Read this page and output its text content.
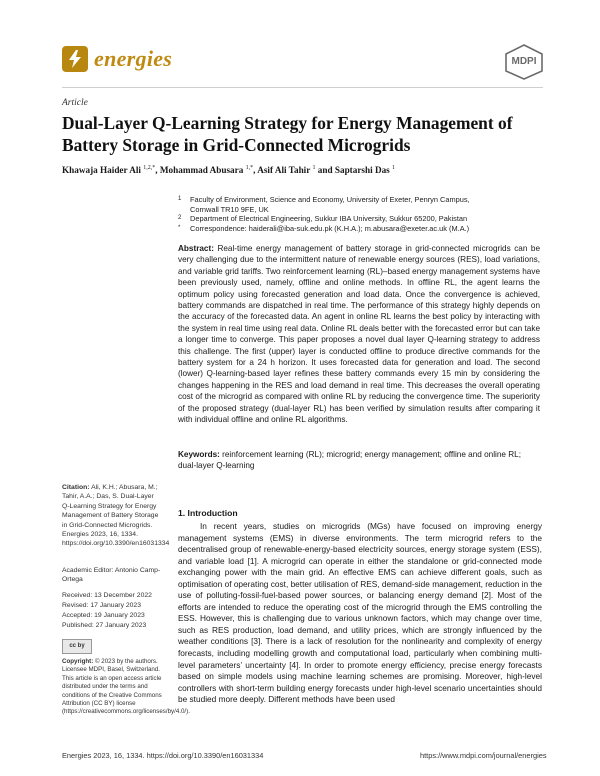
energies	MDPI
Article
Dual-Layer Q-Learning Strategy for Energy Management of Battery Storage in Grid-Connected Microgrids
Khawaja Haider Ali $^{1,2,*}$, Mohammad Abusara $^{1,*}$, Asif Ali Tahir $^1$ and Saptarshi Das $^1$
1 Faculty of Environment, Science and Economy, University of Exeter, Penryn Campus, Cornwall TR10 9FE, UK
2 Department of Electrical Engineering, Sukkur IBA University, Sukkur 65200, Pakistan
* Correspondence: haiderali@iba-suk.edu.pk (K.H.A.); m.abusara@exeter.ac.uk (M.A.)
Abstract: Real-time energy management of battery storage in grid-connected microgrids can be very challenging due to the intermittent nature of renewable energy sources (RES), load variations, and variable grid tariffs. Two reinforcement learning (RL)–based energy management systems have been previously used, namely, offline and online methods. In offline RL, the agent learns the optimum policy using forecasted generation and load data. Once the convergence is achieved, battery commands are dispatched in real time. The performance of this strategy highly depends on the accuracy of the forecasted data. An agent in online RL learns the best policy by interacting with the system in real time using real data. Online RL deals better with the forecasted error but can take a longer time to converge. This paper proposes a novel dual layer Q-learning strategy to address this challenge. The first (upper) layer is conducted offline to produce directive commands for the battery system for a 24 h horizon. It uses forecasted data for generation and load. The second (lower) Q-learning-based layer refines these battery commands every 15 min by considering the changes happening in the RES and load demand in real time. This decreases the overall operating cost of the microgrid as compared with online RL by reducing the convergence time. The superiority of the proposed strategy (dual-layer RL) has been verified by simulation results after comparing it with individual offline and online RL algorithms.
Keywords: reinforcement learning (RL); microgrid; energy management; offline and online RL; dual-layer Q-learning
Citation: Ali, K.H.; Abusara, M.; Tahir, A.A.; Das, S. Dual-Layer Q-Learning Strategy for Energy Management of Battery Storage in Grid-Connected Microgrids. Energies 2023, 16, 1334. https://doi.org/10.3390/en16031334
Academic Editor: Antonio Camp-Ortega
Received: 13 December 2022
Revised: 17 January 2023
Accepted: 19 January 2023
Published: 27 January 2023
cc by
Copyright: © 2023 by the authors. Licensee MDPI, Basel, Switzerland. This article is an open access article distributed under the terms and conditions of the Creative Commons Attribution (CC BY) license (https://creativecommons.org/licenses/by/4.0/).
1. Introduction
In recent years, studies on microgrids (MGs) have focused on improving energy management systems (EMS) in diverse environments. The term microgrid refers to the decentralised group of renewable-energy-based electricity sources, energy storage system (ESS), and variable load [1]. A microgrid can operate in either the standalone or grid-connected mode exchanging power with the main grid. An effective EMS can achieve different goals, such as optimisation of operating cost, better utilisation of RES, demand-side management, reduction in the use of polluting-fossil-fuel-based power sources, or balancing energy demand [2]. Most of the efforts are intended to reduce the operating cost of the microgrid through the EMS controlling the ESS. However, this is challenging due to various unknown factors, which may change over time, such as RES production, load demand, and utility prices, which are strongly influenced by the weather conditions [3]. There is a lack of resolution for the nonlinearity and complexity of energy forecasts, including modelling growth and computational load, particularly when combining multi-level parameters’ uncertainty [4]. In order to promote energy efficiency, precise energy forecasts based on simple models using machine learning schemes are promising. Moreover, high-level controllers with short-term building energy forecasts under high-level scenario uncertainties should be studied more deeply. Different methods have been used
Energies 2023, 16, 1334. https://doi.org/10.3390/en16031334	https://www.mdpi.com/journal/energies
